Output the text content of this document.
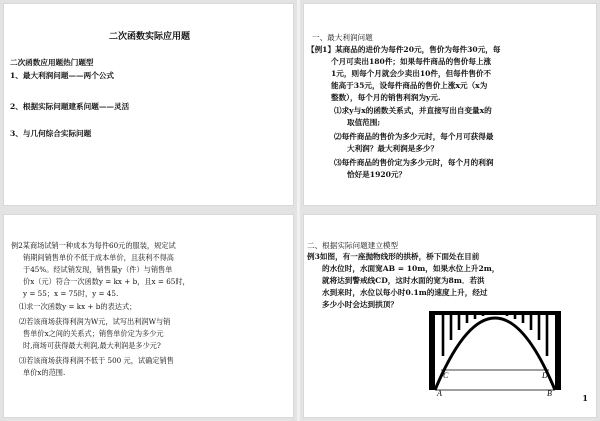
二次函数实际应用题

二次函数应用题热门题型

1、最大利润问题——两个公式

2、根据实际问题建系问题——灵活

3、与几何综合实际问题

一、最大利润问题

【例1】某商品的进价为每件20元，售价为每件30元，每

个月可卖出180件；如果每件商品的售价每上涨

1元，则每个月就会少卖出10件，但每件售价不

能高于35元，设每件商品的售价上涨x元（x为

整数），每个月的销售利润为y元.

⑴求y与x的函数关系式，并直接写出自变量x的

取值范围;

⑵每件商品的售价为多少元时，每个月可获得最

大利润？最大利润是多少？

⑶每件商品的售价定为多少元时，每个月的利润

恰好是1920元？

例2某商场试销一种成本为每件60元的服装，规定试

销期间销售单价不低于成本单价，且获利不得高

于45%。经试销发现，销售量y（件）与销售单

价x（元）符合一次函数y = kx + b，且x = 65时，

y = 55；x = 75时，y = 45.

⑴求一次函数y = kx + b的表达式；

⑵若该商场获得利润为W元，试写出利润W与销

售单价x之间的关系式；销售单价定为多少元

时,商场可获得最大利润,最大利润是多少元?

⑶若该商场获得利润不低于 500 元，试确定销售

单价x的范围.

二、根据实际问题建立模型

例3如图，有一座抛物线形的拱桥，桥下面处在目前

的水位时，水面宽AB = 10m，如果水位上升2m，

就将达到警戒线CD，这时水面的宽为8m．若洪

水到来时，水位以每小时0.1m的速度上升，经过

多少小时会达到拱顶？

C	D
A	B	1
